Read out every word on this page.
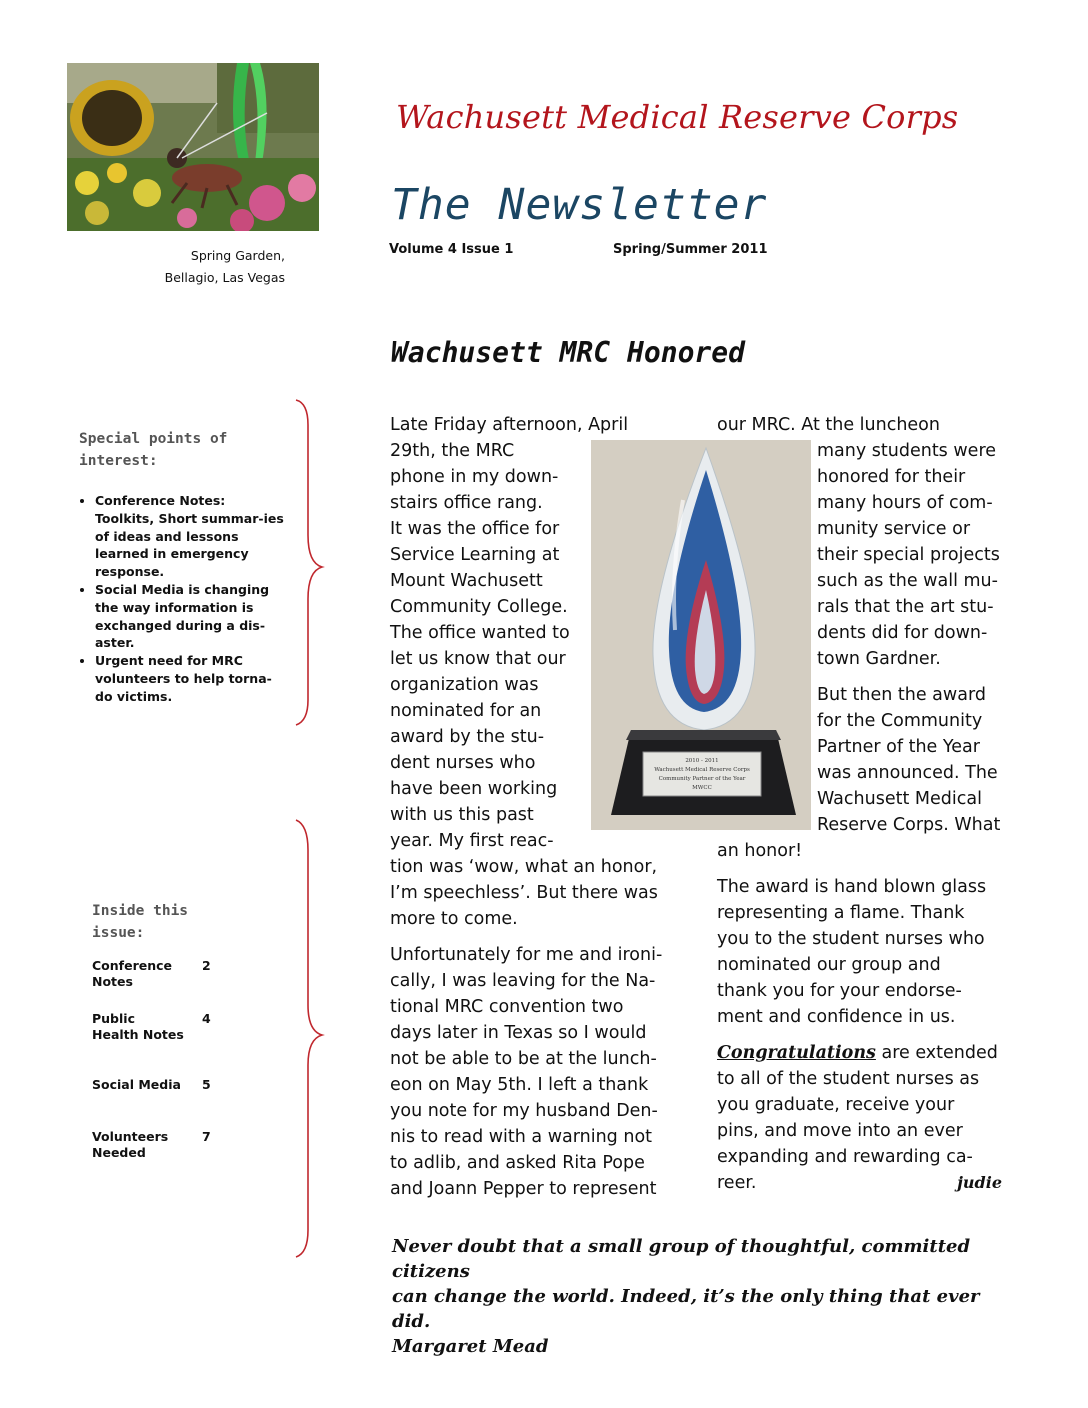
Spring Garden,
Bellagio, Las Vegas
Wachusett Medical Reserve Corps
The Newsletter
Volume 4 Issue 1	Spring/Summer 2011
Wachusett MRC Honored
Special points of interest:
• Conference Notes: Toolkits, Short summar-ies of ideas and lessons learned in emergency response.
• Social Media is changing the way information is exchanged during a dis-aster.
• Urgent need for MRC volunteers to help torna-do victims.
Inside this issue:
Conference Notes
2
Public Health Notes
4
Social Media 5
Volunteers Needed
7
2010 - 2011
Wachusett Medical Reserve Corps
Community Partner of the Year
MWCC

Late Friday afternoon, April
29th, the MRC
phone in my down-
stairs office rang.
It was the office for
Service Learning at
Mount Wachusett
Community College.
The office wanted to
let us know that our
organization was
nominated for an
award by the stu-
dent nurses who
have been working
with us this past
year. My first reac-
tion was ‘wow, what an honor,
I’m speechless’. But there was
more to come.

Unfortunately for me and ironi-
cally, I was leaving for the Na-
tional MRC convention two
days later in Texas so I would
not be able to be at the lunch-
eon on May 5th. I left a thank
you note for my husband Den-
nis to read with a warning not
to adlib, and asked Rita Pope
and Joann Pepper to represent

our MRC. At the luncheon

many students were
honored for their
many hours of com-
munity service or
their special projects
such as the wall mu-
rals that the art stu-
dents did for down-
town Gardner.

But then the award
for the Community
Partner of the Year
was announced. The
Wachusett Medical
Reserve Corps. What

an honor!

The award is hand blown glass
representing a flame. Thank
you to the student nurses who
nominated our group and
thank you for your endorse-
ment and confidence in us.

Congratulations are extended
to all of the student nurses as
you graduate, receive your
pins, and move into an ever
expanding and rewarding ca-
reer.	judie

Never doubt that a small group of thoughtful, committed citizens
can change the world. Indeed, it’s the only thing that ever did.
Margaret Mead
